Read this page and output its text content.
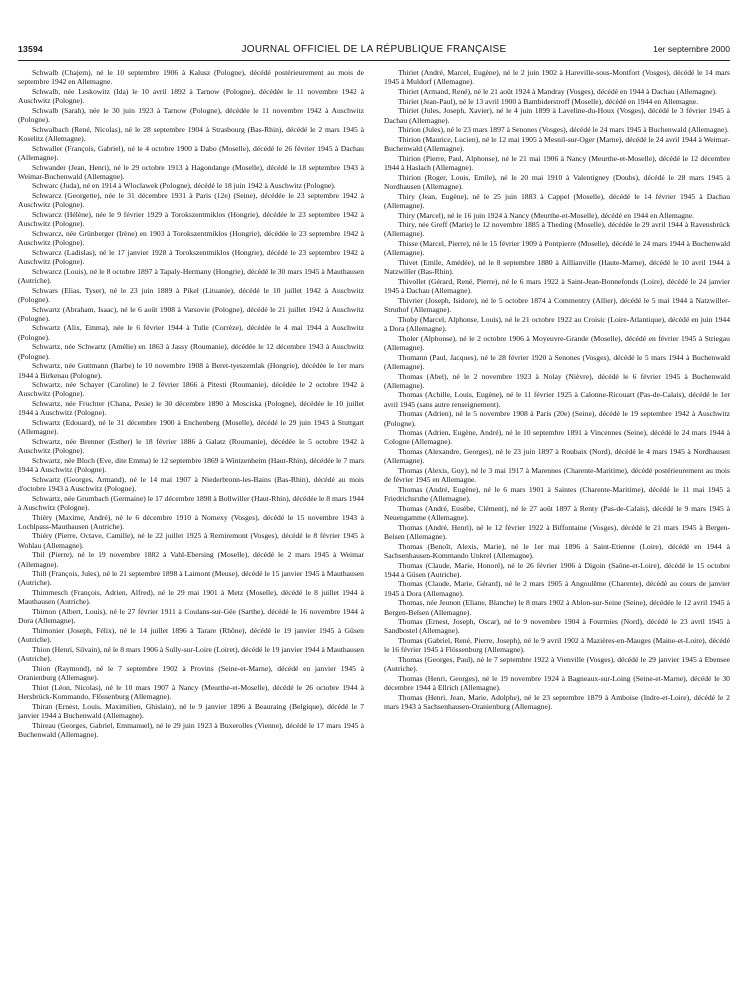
13594	JOURNAL OFFICIEL DE LA RÉPUBLIQUE FRANÇAISE	1er septembre 2000

Schwalb (Chajem), né le 10 septembre 1906 à Kalusz (Pologne), décédé postérieurement au mois de septembre 1942 en Allemagne.

Schwalb, née Leskowitz (Ida) le 10 avril 1892 à Tarnow (Pologne), décédée le 11 novembre 1942 à Auschwitz (Pologne).

Schwalb (Sarah), née le 30 juin 1923 à Tarnow (Pologne), décédée le 11 novembre 1942 à Auschwitz (Pologne).

Schwalbach (René, Nicolas), né le 28 septembre 1904 à Strasbourg (Bas-Rhin), décédé le 2 mars 1945 à Koselitz (Allemagne).

Schwaller (François, Gabriel), né le 4 octobre 1900 à Dabo (Moselle), décédé le 26 février 1945 à Dachau (Allemagne).

Schwander (Jean, Henri), né le 29 octobre 1913 à Hagondange (Moselle), décédé le 18 septembre 1943 à Weimar-Buchenwald (Allemagne).

Schwarc (Juda), né en 1914 à Wloclawek (Pologne), décédé le 18 juin 1942 à Auschwitz (Pologne).

Schwarcz (Georgette), née le 31 décembre 1931 à Paris (12e) (Seine), décédée le 23 septembre 1942 à Auschwitz (Pologne).

Schwarcz (Hélène), née le 9 février 1929 à Torokszentmiklos (Hongrie), décédée le 23 septembre 1942 à Auschwitz (Pologne).

Schwarcz, née Grünberger (Irène) en 1903 à Torokszentmiklos (Hongrie), décédée le 23 septembre 1942 à Auschwitz (Pologne).

Schwarcz (Ladislas), né le 17 janvier 1928 à Torokszentmiklos (Hongrie), décédé le 23 septembre 1942 à Auschwitz (Pologne).

Schwarcz (Louis), né le 8 octobre 1897 à Tapaly-Hermany (Hongrie), décédé le 30 mars 1945 à Mauthausen (Autriche).

Schwars (Elias, Tyser), né le 23 juin 1889 à Pikel (Lituanie), décédé le 10 juillet 1942 à Auschwitz (Pologne).

Schwartz (Abraham, Isaac), né le 6 août 1908 à Varsovie (Pologne), décédé le 21 juillet 1942 à Auschwitz (Pologne).

Schwartz (Alix, Emma), née le 6 février 1944 à Tulle (Corrèze), décédée le 4 mai 1944 à Auschwitz (Pologne).

Schwartz, née Schwartz (Amélie) en 1863 à Jassy (Roumanie), décédée le 12 décembre 1943 à Auschwitz (Pologne).

Schwartz, née Guttmann (Barbe) le 10 novembre 1908 à Beret-tyeszemlak (Hongrie), décédée le 1er mars 1944 à Birkenau (Pologne).

Schwartz, née Schayer (Caroline) le 2 février 1866 à Pitesti (Roumanie), décédée le 2 octobre 1942 à Auschwitz (Pologne).

Schwartz, née Fruchter (Chana, Pesie) le 30 décembre 1890 à Mosciska (Pologne), décédée le 10 juillet 1944 à Auschwitz (Pologne).

Schwartz (Edouard), né le 31 décembre 1900 à Enchenberg (Moselle), décédé le 29 juin 1943 à Stuttgart (Allemagne).

Schwartz, née Brenner (Esther) le 18 février 1886 à Galatz (Roumanie), décédée le 5 octobre 1942 à Auschwitz (Pologne).

Schwartz, née Bloch (Eve, dite Emma) le 12 septembre 1869 à Wintzenheim (Haut-Rhin), décédée le 7 mars 1944 à Auschwitz (Pologne).

Schwartz (Georges, Armand), né le 14 mai 1907 à Niederbronn-les-Bains (Bas-Rhin), décédé au mois d'octobre 1943 à Auschwitz (Pologne).

Schwartz, née Grumbach (Germaine) le 17 décembre 1898 à Bollwiller (Haut-Rhin), décédée le 8 mars 1944 à Auschwitz (Pologne).

Thiéry (Maxime, André), né le 6 décembre 1910 à Nomexy (Vosges), décédé le 15 novembre 1943 à Lochlpass-Mauthausen (Autriche).

Thiéry (Pierre, Octave, Camille), né le 22 juillet 1925 à Remiremont (Vosges), décédé le 8 février 1945 à Wohlau (Allemagne).

Thil (Pierre), né le 19 novembre 1882 à Vahl-Ebersing (Moselle), décédé le 2 mars 1945 à Weimar (Allemagne).

Thill (François, Jules), né le 21 septembre 1898 à Laimont (Meuse), décédé le 15 janvier 1945 à Mauthausen (Autriche).

Thimmesch (François, Adrien, Alfred), né le 29 mai 1901 à Metz (Moselle), décédé le 8 juillet 1944 à Mauthausen (Autriche).

Thimon (Albert, Louis), né le 27 février 1911 à Coulans-sur-Gée (Sarthe), décédé le 16 novembre 1944 à Dora (Allemagne).

Thimonier (Joseph, Félix), né le 14 juillet 1896 à Tarare (Rhône), décédé le 19 janvier 1945 à Güsen (Autriche).

Thion (Henri, Silvain), né le 8 mars 1906 à Sully-sur-Loire (Loiret), décédé le 19 janvier 1944 à Mauthausen (Autriche).

Thion (Raymond), né le 7 septembre 1902 à Provins (Seine-et-Marne), décédé en janvier 1945 à Oranienburg (Allemagne).

Thiot (Léon, Nicolas), né le 10 mars 1907 à Nancy (Meurthe-et-Moselle), décédé le 26 octobre 1944 à Hersbrück-Kommando, Flössenburg (Allemagne).

Thiran (Ernest, Louis, Maximilien, Ghislain), né le 9 janvier 1896 à Beauraing (Belgique), décédé le 7 janvier 1944 à Buchenwald (Allemagne).

Thireau (Georges, Gabriel, Emmanuel), né le 29 juin 1923 à Buxerolles (Vienne), décédé le 17 mars 1945 à Buchenwald (Allemagne).

Thiriet (André, Marcel, Eugène), né le 2 juin 1902 à Hareville-sous-Montfort (Vosges), décédé le 14 mars 1945 à Muldorf (Allemagne).

Thiriet (Armand, René), né le 21 août 1924 à Mandray (Vosges), décédé en 1944 à Dachau (Allemagne).

Thiriet (Jean-Paul), né le 13 avril 1900 à Bambiderstroff (Moselle), décédé en 1944 en Allemagne.

Thiriet (Jules, Joseph, Xavier), né le 4 juin 1899 à Laveline-du-Houx (Vosges), décédé le 3 février 1945 à Dachau (Allemagne).

Thirion (Jules), né le 23 mars 1897 à Senones (Vosges), décédé le 24 mars 1945 à Buchenwald (Allemagne).

Thirion (Maurice, Lucien), né le 12 mai 1905 à Mesnil-sur-Oger (Marne), décédé le 24 avril 1944 à Weimar-Buchenwald (Allemagne).

Thirion (Pierre, Paul, Alphonse), né le 21 mai 1906 à Nancy (Meurthe-et-Moselle), décédé le 12 décembre 1944 à Haslach (Allemagne).

Thirion (Roger, Louis, Emile), né le 20 mai 1910 à Valentigney (Doubs), décédé le 28 mars 1945 à Nordhausen (Allemagne).

Thiry (Jean, Eugène), né le 25 juin 1883 à Cappel (Moselle), décédé le 14 février 1945 à Dachau (Allemagne).

Thiry (Marcel), né le 16 juin 1924 à Nancy (Meurthe-et-Moselle), décédé en 1944 en Allemagne.

Thiry, née Greff (Marie) le 12 novembre 1885 à Theding (Moselle), décédée le 29 avril 1944 à Ravensbrück (Allemagne).

Thisse (Marcel, Pierre), né le 15 février 1909 à Pontpierre (Moselle), décédé le 24 mars 1944 à Buchenwald (Allemagne).

Thivet (Emile, Amédée), né le 8 septembre 1880 à Aillianville (Haute-Marne), décédé le 10 avril 1944 à Natzwiller (Bas-Rhin).

Thivollet (Gérard, René, Pierre), né le 6 mars 1922 à Saint-Jean-Bonnefonds (Loire), décédé le 24 janvier 1945 à Dachau (Allemagne).

Thivrier (Joseph, Isidore), né le 5 octobre 1874 à Commentry (Allier), décédé le 5 mai 1944 à Natzwiller-Struthof (Allemagne).

Thoby (Marcel, Alphonse, Louis), né le 21 octobre 1922 au Croisic (Loire-Atlantique), décédé en juin 1944 à Dora (Allemagne).

Tholer (Alphonse), né le 2 octobre 1906 à Moyeuvre-Grande (Moselle), décédé en février 1945 à Striegau (Allemagne).

Thomann (Paul, Jacques), né le 28 février 1920 à Senones (Vosges), décédé le 5 mars 1944 à Buchenwald (Allemagne).

Thomas (Abel), né le 2 novembre 1923 à Nolay (Nièvre), décédé le 6 février 1945 à Buchenwald (Allemagne).

Thomas (Achille, Louis, Eugène), né le 11 février 1925 à Calonne-Ricouart (Pas-de-Calais), décédé le 1er avril 1945 (sans autre renseignement).

Thomas (Adrien), né le 5 novembre 1908 à Paris (20e) (Seine), décédé le 19 septembre 1942 à Auschwitz (Pologne).

Thomas (Adrien, Eugène, André), né le 10 septembre 1891 à Vincennes (Seine), décédé le 24 mars 1944 à Cologne (Allemagne).

Thomas (Alexandre, Georges), né le 23 juin 1897 à Roubaix (Nord), décédé le 4 mars 1945 à Nordhausen (Allemagne).

Thomas (Alexis, Guy), né le 3 mai 1917 à Marennes (Charente-Maritime), décédé postérieurement au mois de février 1945 en Allemagne.

Thomas (André, Eugène), né le 6 mars 1901 à Saintes (Charente-Maritime), décédé le 11 mai 1945 à Friedrichsruhe (Allemagne).

Thomas (André, Eusèbe, Clément), né le 27 août 1897 à Renty (Pas-de-Calais), décédé le 9 mars 1945 à Neuengamme (Allemagne).

Thomas (André, Henri), né le 12 février 1922 à Biffontaine (Vosges), décédé le 21 mars 1945 à Bergen-Belsen (Allemagne).

Thomas (Benoît, Alexis, Marie), né le 1er mai 1896 à Saint-Etienne (Loire), décédé en 1944 à Sachsenhausen-Kommando Unkrel (Allemagne).

Thomas (Claude, Marie, Honoré), né le 26 février 1906 à Digoin (Saône-et-Loire), décédé le 15 octobre 1944 à Güsen (Autriche).

Thomas (Claude, Marie, Gérard), né le 2 mars 1905 à Angoulême (Charente), décédé au cours de janvier 1945 à Dora (Allemagne).

Thomas, née Jeunon (Eliane, Blanche) le 8 mars 1902 à Ablon-sur-Seine (Seine), décédée le 12 avril 1945 à Bergen-Belsen (Allemagne).

Thomas (Ernest, Joseph, Oscar), né le 9 novembre 1904 à Fourmies (Nord), décédé le 23 avril 1945 à Sandbostel (Allemagne).

Thomas (Gabriel, René, Pierre, Joseph), né le 9 avril 1902 à Mazières-en-Mauges (Maine-et-Loire), décédé le 16 février 1945 à Flössenburg (Allemagne).

Thomas (Georges, Paul), né le 7 septembre 1922 à Vienville (Vosges), décédé le 29 janvier 1945 à Ebensee (Autriche).

Thomas (Henri, Georges), né le 19 novembre 1924 à Bagneaux-sur-Loing (Seine-et-Marne), décédé le 30 décembre 1944 à Ellrich (Allemagne).

Thomas (Henri, Jean, Marie, Adolphe), né le 23 septembre 1879 à Amboise (Indre-et-Loire), décédé le 2 mars 1943 à Sachsenhausen-Oranienburg (Allemagne).
